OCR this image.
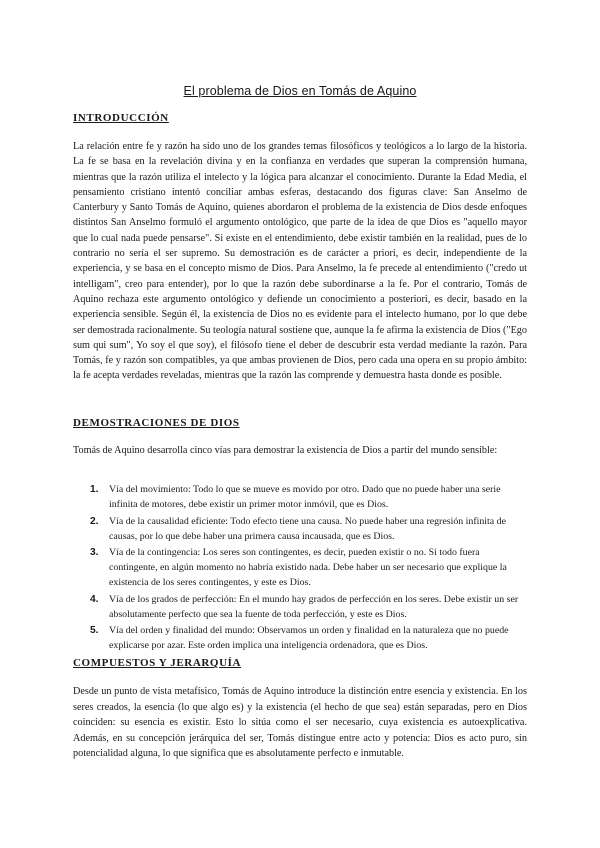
El problema de Dios en Tomás de Aquino
INTRODUCCIÓN

La relación entre fe y razón ha sido uno de los grandes temas filosóficos y teológicos a lo largo de la historia. La fe se basa en la revelación divina y en la confianza en verdades que superan la comprensión humana, mientras que la razón utiliza el intelecto y la lógica para alcanzar el conocimiento. Durante la Edad Media, el pensamiento cristiano intentó conciliar ambas esferas, destacando dos figuras clave: San Anselmo de Canterbury y Santo Tomás de Aquino, quienes abordaron el problema de la existencia de Dios desde enfoques distintos San Anselmo formuló el argumento ontológico, que parte de la idea de que Dios es "aquello mayor que lo cual nada puede pensarse". Si existe en el entendimiento, debe existir también en la realidad, pues de lo contrario no sería el ser supremo. Su demostración es de carácter a priori, es decir, independiente de la experiencia, y se basa en el concepto mismo de Dios. Para Anselmo, la fe precede al entendimiento ("credo ut intelligam", creo para entender), por lo que la razón debe subordinarse a la fe. Por el contrario, Tomás de Aquino rechaza este argumento ontológico y defiende un conocimiento a posteriori, es decir, basado en la experiencia sensible. Según él, la existencia de Dios no es evidente para el intelecto humano, por lo que debe ser demostrada racionalmente. Su teología natural sostiene que, aunque la fe afirma la existencia de Dios ("Ego sum qui sum", Yo soy el que soy), el filósofo tiene el deber de descubrir esta verdad mediante la razón. Para Tomás, fe y razón son compatibles, ya que ambas provienen de Dios, pero cada una opera en su propio ámbito: la fe acepta verdades reveladas, mientras que la razón las comprende y demuestra hasta donde es posible.

DEMOSTRACIONES DE DIOS

Tomás de Aquino desarrolla cinco vías para demostrar la existencia de Dios a partir del mundo sensible:

1. Vía del movimiento: Todo lo que se mueve es movido por otro. Dado que no puede haber una serie infinita de motores, debe existir un primer motor inmóvil, que es Dios.
2. Vía de la causalidad eficiente: Todo efecto tiene una causa. No puede haber una regresión infinita de causas, por lo que debe haber una primera causa incausada, que es Dios.
3. Vía de la contingencia: Los seres son contingentes, es decir, pueden existir o no. Si todo fuera contingente, en algún momento no habría existido nada. Debe haber un ser necesario que explique la existencia de los seres contingentes, y este es Dios.
4. Vía de los grados de perfección: En el mundo hay grados de perfección en los seres. Debe existir un ser absolutamente perfecto que sea la fuente de toda perfección, y este es Dios.
5. Vía del orden y finalidad del mundo: Observamos un orden y finalidad en la naturaleza que no puede explicarse por azar. Este orden implica una inteligencia ordenadora, que es Dios.
COMPUESTOS Y JERARQUÍA

Desde un punto de vista metafísico, Tomás de Aquino introduce la distinción entre esencia y existencia. En los seres creados, la esencia (lo que algo es) y la existencia (el hecho de que sea) están separadas, pero en Dios coinciden: su esencia es existir. Esto lo sitúa como el ser necesario, cuya existencia es autoexplicativa. Además, en su concepción jerárquica del ser, Tomás distingue entre acto y potencia: Dios es acto puro, sin potencialidad alguna, lo que significa que es absolutamente perfecto e inmutable.
